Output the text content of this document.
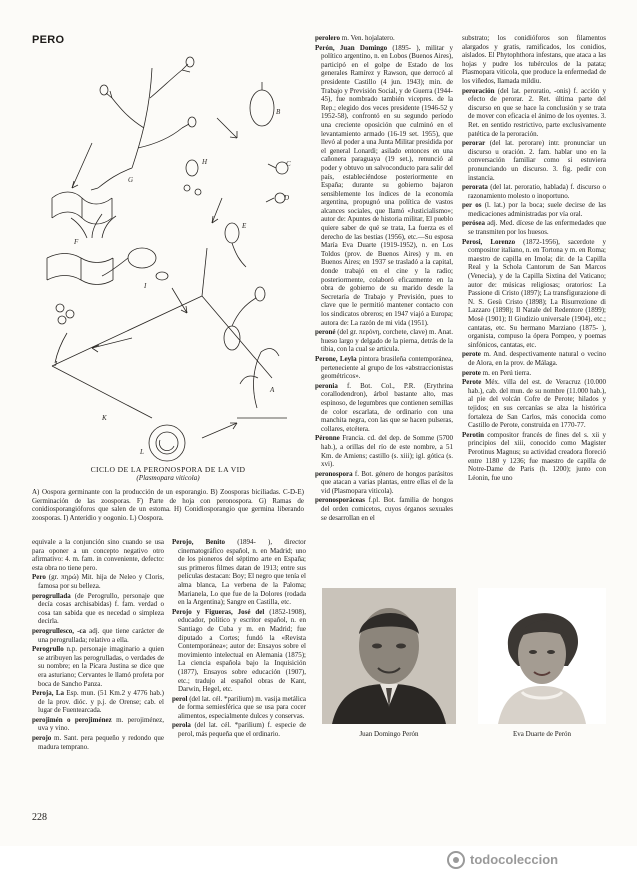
PERO
A
B
C
D
E
F
G
H
I
J
K
L
CICLO DE LA PERONOSPORA DE LA VID
(Plasmopara viticola)
A) Oospora germinante con la producción de un esporangio. B) Zoosporas biciliadas. C-D-E) Germinación de las zoosporas. F) Parte de hoja con peronospora. G) Ramas de conidiosporangióforos que salen de un estoma. H) Conidiosporangio que germina liberando zoosporas. I) Anteridio y oogonio. L) Oospora.

equivale a la conjunción sino cuando se usa para oponer a un concepto negativo otro afirmativo: 4. m. fam. in conveniente, defecto: esta obra no tiene pero.

Pero (gr. πηρώ) Mit. hija de Neleo y Cloris, famosa por su belleza.

perogrullada (de Perogrullo, personaje que decía cosas archisabidas) f. fam. verdad o cosa tan sabida que es necedad o simpleza decirla.

perogrullesco, -ca adj. que tiene carácter de una perogrullada; relativo a ella.

Perogrullo n.p. personaje imaginario a quien se atribuyen las perogrulladas, o verdades de su nombre; en la Pícara Justina se dice que era asturiano; Cervantes le llamó profeta por boca de Sancho Panza.

Peroja, La Esp. mun. (51 Km.2 y 4776 hab.) de la prov. dióc. y p.j. de Orense; cab. el lugar de Fuentearcada.

perojimén o perojiménez m. perojiménez, uva y vino.

perojo m. Sant. pera pequeño y redondo que madura temprano.

Perojo, Benito (1894- ), director cinematográfico español, n. en Madrid; uno de los pioneros del séptimo arte en España; sus primeros filmes datan de 1913; entre sus películas destacan: Boy; El negro que tenía el alma blanca, La verbena de la Paloma; Marianela, Lo que fue de la Dolores (rodada en la Argentina); Sangre en Castilla, etc.

Perojo y Figueras, José del (1852-1908), educador, político y escritor español, n. en Santiago de Cuba y m. en Madrid; fue diputado a Cortes; fundó la «Revista Contemporánea»; autor de: Ensayos sobre el movimiento intelectual en Alemania (1875); La ciencia española bajo la Inquisición (1877), Ensayos sobre educación (1907), etc.; tradujo al español obras de Kant, Darwin, Hegel, etc.

perol (del lat. cél. *parilium) m. vasija metálica de forma semiesférica que se usa para cocer alimentos, especialmente dulces y conservas.

perola (del lat. cél. *parilium) f. especie de perol, más pequeña que el ordinario.

perolero m. Ven. hojalatero.

Perón, Juan Domingo (1895- ), militar y político argentino, n. en Lobos (Buenos Aires), participó en el golpe de Estado de los generales Ramírez y Rawson, que derrocó al presidente Castillo (4 jun. 1943); min. de Trabajo y Previsión Social, y de Guerra (1944-45), fue nombrado también vicepres. de la Rep.; elegido dos veces presidente (1946-52 y 1952-58), confrontó en su segundo período una creciente oposición que culminó en el levantamiento armado (16-19 set. 1955), que llevó al poder a una Junta Militar presidida por el general Lonardi; asilado entonces en una cañonera paraguaya (19 set.), renunció al poder y obtuvo un salvoconducto para salir del país, estableciéndose posteriormente en España; durante su gobierno bajaron sensiblemente los índices de la economía argentina, propugnó una política de vastos alcances sociales, que llamó «Justicialismo»; autor de: Apuntes de historia militar, El pueblo quiere saber de qué se trata, La fuerza es el derecho de las bestias (1956), etc.—Su esposa María Eva Duarte (1919-1952), n. en Los Toldos (prov. de Buenos Aires) y m. en Buenos Aires; en 1937 se trasladó a la capital, donde trabajó en el cine y la radio; posteriormente, colaboró eficazmente en la obra de gobierno de su marido desde la Secretaría de Trabajo y Previsión, pues to clave que le permitió mantener contacto con los sindicatos obreros; en 1947 viajó a Europa; autora de: La razón de mi vida (1951).

peroné (del gr. περόνη, corchete, clave) m. Anat. hueso largo y delgado de la pierna, detrás de la tibia, con la cual se articula.

Perone, Leyla pintora brasileña contemporánea, perteneciente al grupo de los «abstraccionistas geométricos».

peronia f. Bot. Col., P.R. (Erythrina corallodendron), árbol bastante alto, mas espinoso, de legumbres que contienen semillas de color escarlata, de ordinario con una manchita negra, con las que se hacen pulseras, collares, etcétera.

Péronne Francia. cd. del dep. de Somme (5700 hab.), a orillas del río de este nombre, a 51 Km. de Amiens; castillo (s. xiii); igl. gótica (s. xvi).

peronospora f. Bot. género de hongos parásitos que atacan a varias plantas, entre ellas el de la vid (Plasmopara viticola).

peronosporáceas f.pl. Bot. familia de hongos del orden comicetos, cuyos órganos sexuales se desarrollan en el

substrato; los conidióforos son filamentos alargados y gratis, ramificados, los conidios, aislados. El Phytophthora infestans, que ataca a las hojas y pudre los tubérculos de la patata; Plasmopara viticola, que produce la enfermedad de los viñedos, llamada mildiu.

peroración (del lat. peroratio, -onis) f. acción y efecto de perorar. 2. Ret. última parte del discurso en que se hace la conclusión y se trata de mover con eficacia el ánimo de los oyentes. 3. Ret. en sentido restrictivo, parte exclusivamente patética de la peroración.

perorar (del lat. perorare) intr. pronunciar un discurso u oración. 2. fam. hablar uno en la conversación familiar como si estuviera pronunciando un discurso. 3. fig. pedir con instancia.

perorata (del lat. peroratio, hablada) f. discurso o razonamiento molesto o inoportuno.

per os (l. lat.) por la boca; suele decirse de las medicaciones administradas por vía oral.

perósea adj. Med. dícese de las enfermedades que se transmiten por los huesos.

Perosi, Lorenzo (1872-1956), sacerdote y compositor italiano, n. en Tortona y m. en Roma; maestro de capilla en Imola; dir. de la Capilla Real y la Schola Cantorum de San Marcos (Venecia), y de la Capilla Sixtina del Vaticano; autor de: músicas religiosas; oratorios: La Passione di Cristo (1897); La transfigurazione di N. S. Gesù Cristo (1898); La Risurrezione di Lazzaro (1898); Il Natale del Redentore (1899); Mosè (1901); Il Giudizio universale (1904), etc.; cantatas, etc. Su hermano Marziano (1875- ), organista, compuso la ópera Pompeo, y poemas sinfónicos, cantatas, etc.

perote m. And. despectivamente natural o vecino de Alora, en la prov. de Málaga.

perote m. en Perú tierra.

Perote Méx. villa del est. de Veracruz (10.000 hab.), cab. del mun. de su nombre (11.000 hab.), al pie del volcán Cofre de Perote; hilados y tejidos; en sus cercanías se alza la histórica fortaleza de San Carlos, más conocida como Castillo de Perote, construida en 1770-77.

Perotin compositor francés de fines del s. xii y principios del xiii, conocido como Magister Perotinus Magnus; su actividad creadora floreció entre 1180 y 1236; fue maestro de capilla de Notre-Dame de Paris (h. 1200); junto con Léonin, fue uno

Juan Domingo Perón	Eva Duarte de Perón
228
todocoleccion
